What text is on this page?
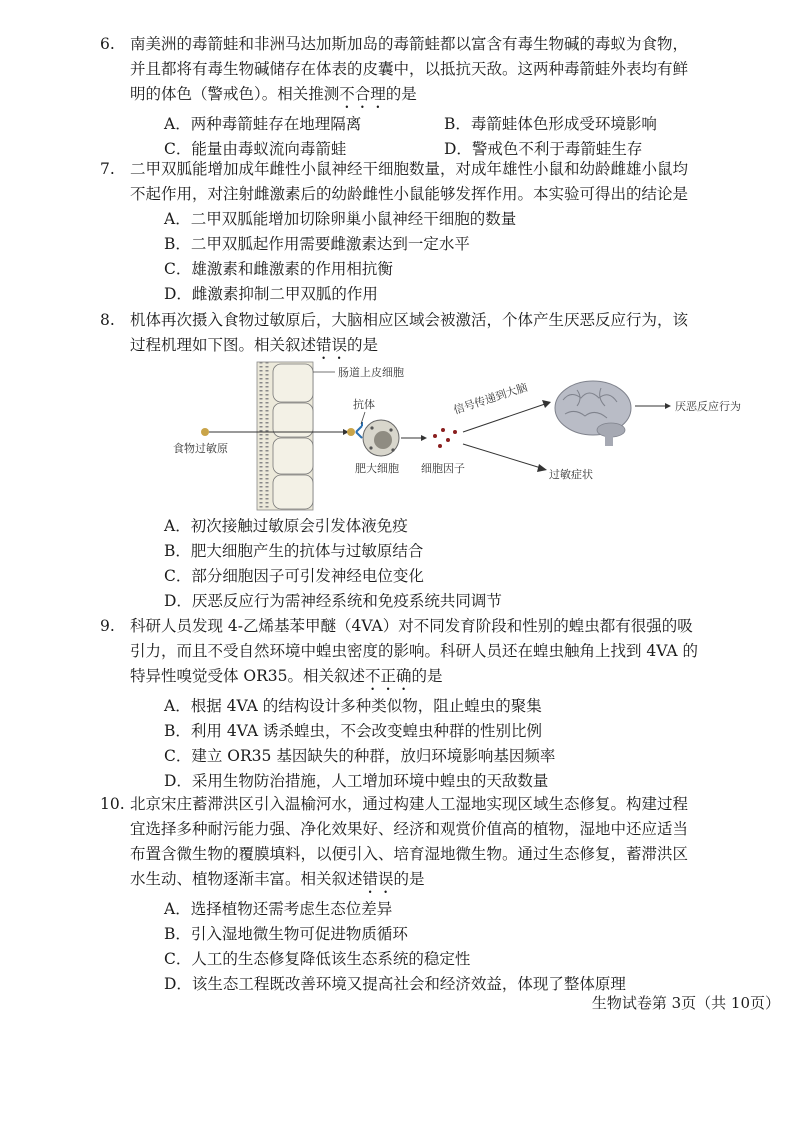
6. 南美洲的毒箭蛙和非洲马达加斯加岛的毒箭蛙都以富含有毒生物碱的毒蚁为食物，
并且都将有毒生物碱储存在体表的皮囊中，以抵抗天敌。这两种毒箭蛙外表均有鲜
明的体色（警戒色）。相关推测不合理的是
A．两种毒箭蛙存在地理隔离	B．毒箭蛙体色形成受环境影响
C．能量由毒蚁流向毒箭蛙	D．警戒色不利于毒箭蛙生存
7. 二甲双胍能增加成年雌性小鼠神经干细胞数量，对成年雄性小鼠和幼龄雌雄小鼠均
不起作用，对注射雌激素后的幼龄雌性小鼠能够发挥作用。本实验可得出的结论是
A．二甲双胍能增加切除卵巢小鼠神经干细胞的数量
B．二甲双胍起作用需要雌激素达到一定水平
C．雄激素和雌激素的作用相抗衡
D．雌激素抑制二甲双胍的作用
8. 机体再次摄入食物过敏原后，大脑相应区域会被激活，个体产生厌恶反应行为，该
过程机理如下图。相关叙述错误的是
肠道上皮细胞
食物过敏原
抗体
肥大细胞 细胞因子
信号传递到大脑
过敏症状
厌恶反应行为
A．初次接触过敏原会引发体液免疫
B．肥大细胞产生的抗体与过敏原结合
C．部分细胞因子可引发神经电位变化
D．厌恶反应行为需神经系统和免疫系统共同调节
9. 科研人员发现 4-乙烯基苯甲醚（4VA）对不同发育阶段和性别的蝗虫都有很强的吸
引力，而且不受自然环境中蝗虫密度的影响。科研人员还在蝗虫触角上找到 4VA 的
特异性嗅觉受体 OR35。相关叙述不正确的是
A．根据 4VA 的结构设计多种类似物，阻止蝗虫的聚集
B．利用 4VA 诱杀蝗虫，不会改变蝗虫种群的性别比例
C．建立 OR35 基因缺失的种群，放归环境影响基因频率
D．采用生物防治措施，人工增加环境中蝗虫的天敌数量
10. 北京宋庄蓄滞洪区引入温榆河水，通过构建人工湿地实现区域生态修复。构建过程
宜选择多种耐污能力强、净化效果好、经济和观赏价值高的植物，湿地中还应适当
布置含微生物的覆膜填料，以便引入、培育湿地微生物。通过生态修复，蓄滞洪区
水生动、植物逐渐丰富。相关叙述错误的是
A．选择植物还需考虑生态位差异
B．引入湿地微生物可促进物质循环
C．人工的生态修复降低该生态系统的稳定性
D．该生态工程既改善环境又提高社会和经济效益，体现了整体原理
生物试卷第 3页（共 10页）
